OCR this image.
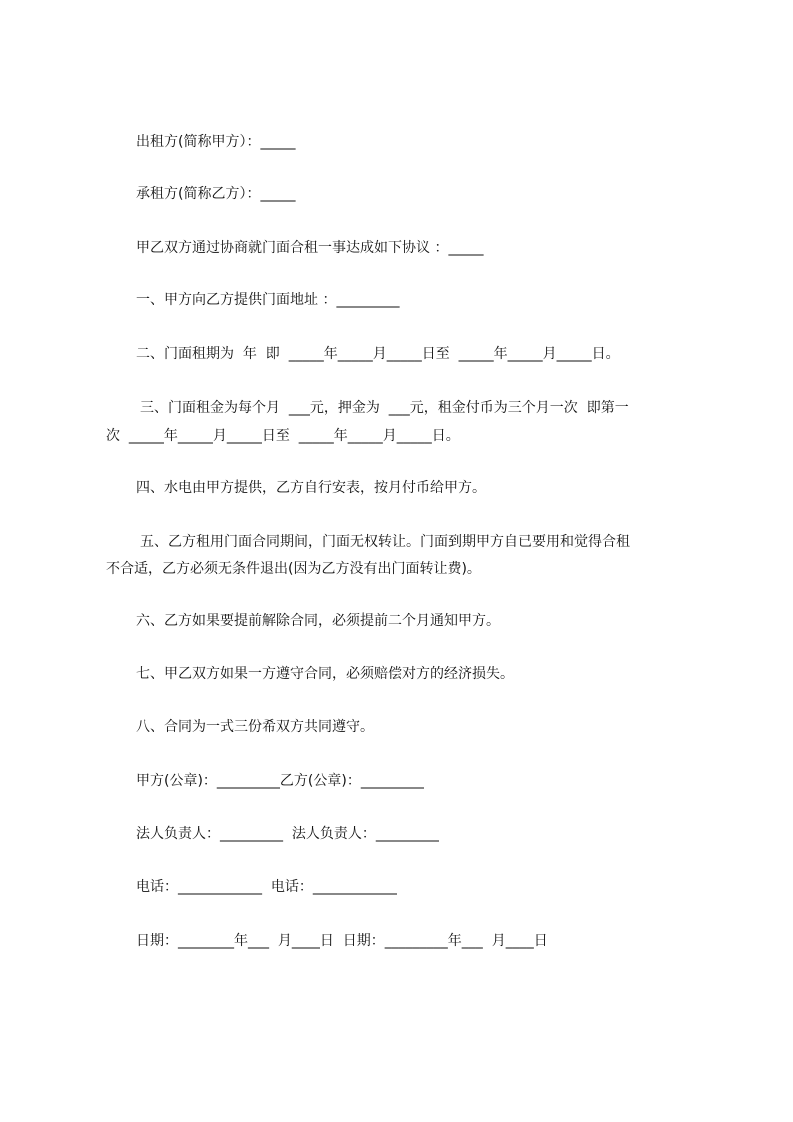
出租方(简称甲方）：_____
承租方(简称乙方）：_____
甲乙双方通过协商就门面合租一事达成如下协议 ：_____
一、甲方向乙方提供门面地址 ：_________
二、门面租期为  年  即  _____年_____月_____日至  _____年_____月_____日。
三、门面租金为每个月  ___元，押金为  ___元，租金付币为三个月一次  即第一
次  _____年_____月_____日至  _____年_____月_____日。
四、水电由甲方提供，乙方自行安表，按月付币给甲方。
五、乙方租用门面合同期间，门面无权转让。门面到期甲方自已要用和觉得合租
不合适，乙方必须无条件退出(因为乙方没有出门面转让费)。
六、乙方如果要提前解除合同，必须提前二个月通知甲方。
七、甲乙双方如果一方遵守合同，必须赔偿对方的经济损失。
八、合同为一式三份希双方共同遵守。
甲方(公章)：_________乙方(公章)：_________
法人负责人：_________  法人负责人：_________
电话：____________  电话：____________
日期：________年___  月____日  日期：_________年___  月____日
